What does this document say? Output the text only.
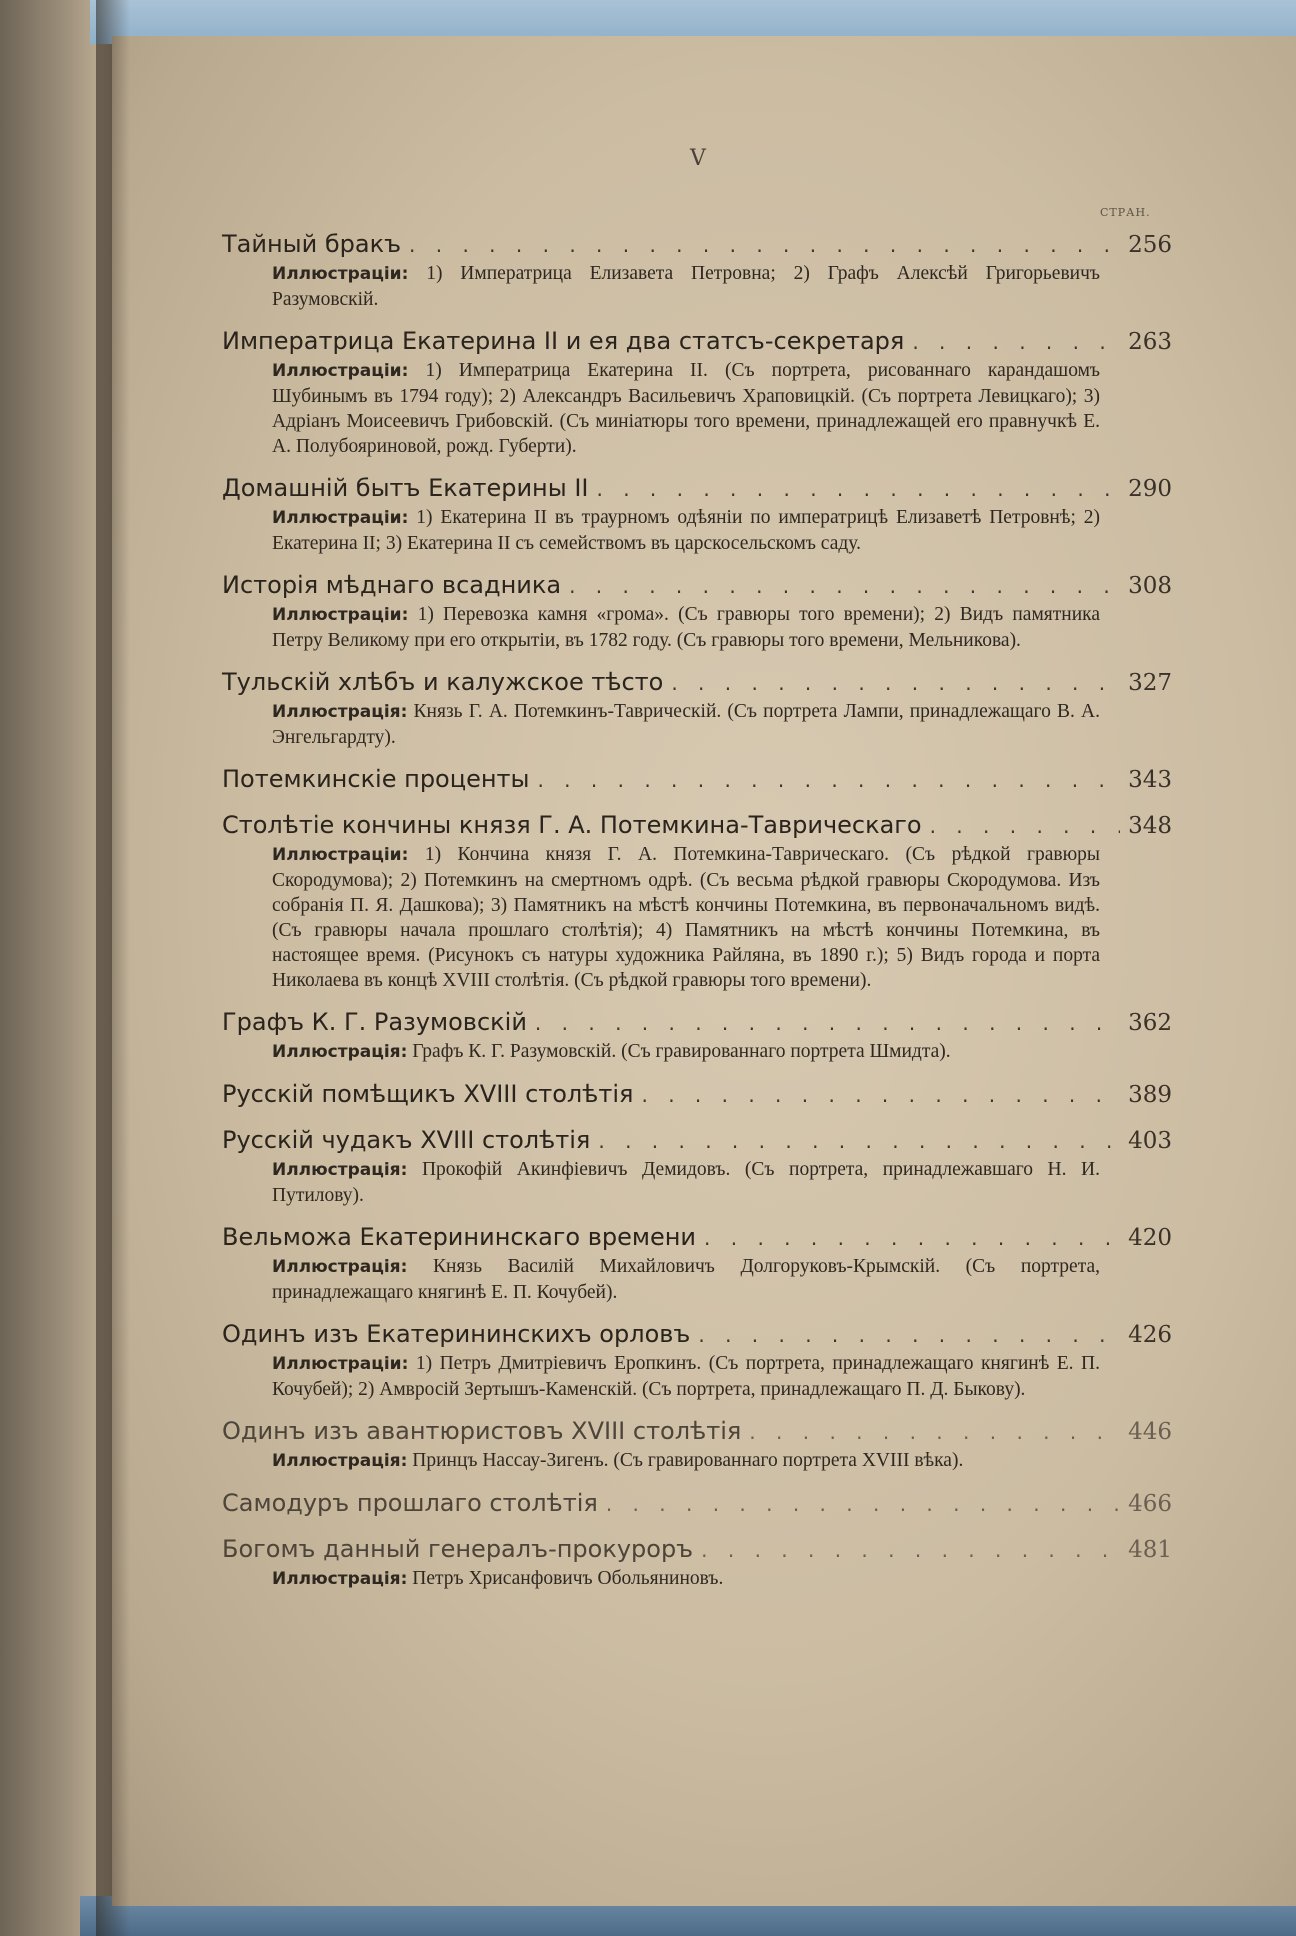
V
СТРАН.
Тайный бракъ . . .	256
Иллюстраціи: 1) Императрица Елизавета Петровна; 2) Графъ Алексѣй Григорьевичъ Разумовскій.
Императрица Екатерина II и ея два статсъ-секретаря . . .	263
Иллюстраціи: 1) Императрица Екатерина II. (Съ портрета, рисованнаго карандашомъ Шубинымъ въ 1794 году); 2) Александръ Васильевичъ Храповицкій. (Съ портрета Левицкаго); 3) Адріанъ Моисеевичъ Грибовскій. (Съ миніатюры того времени, принадлежащей его правнучкѣ Е. А. Полубояриновой, рожд. Губерти).
Домашній бытъ Екатерины II . . .	290
Иллюстраціи: 1) Екатерина II въ траурномъ одѣяніи по императрицѣ Елизаветѣ Петровнѣ; 2) Екатерина II; 3) Екатерина II съ семействомъ въ царскосельскомъ саду.
Исторія мѣднаго всадника . . .	308
Иллюстраціи: 1) Перевозка камня «грома». (Съ гравюры того времени); 2) Видъ памятника Петру Великому при его открытіи, въ 1782 году. (Съ гравюры того времени, Мельникова).
Тульскій хлѣбъ и калужское тѣсто . . .	327
Иллюстрація: Князь Г. А. Потемкинъ-Таврическій. (Съ портрета Лампи, принадлежащаго В. А. Энгельгардту).
Потемкинскіе проценты . . .	343
Столѣтіе кончины князя Г. А. Потемкина-Таврическаго . . .	348
Иллюстраціи: 1) Кончина князя Г. А. Потемкина-Таврическаго. (Съ рѣдкой гравюры Скородумова); 2) Потемкинъ на смертномъ одрѣ. (Съ весьма рѣдкой гравюры Скородумова. Изъ собранія П. Я. Дашкова); 3) Памятникъ на мѣстѣ кончины Потемкина, въ первоначальномъ видѣ. (Съ гравюры начала прошлаго столѣтія); 4) Памятникъ на мѣстѣ кончины Потемкина, въ настоящее время. (Рисунокъ съ натуры художника Райляна, въ 1890 г.); 5) Видъ города и порта Николаева въ концѣ XVIII столѣтія. (Съ рѣдкой гравюры того времени).
Графъ К. Г. Разумовскій . . .	362
Иллюстрація: Графъ К. Г. Разумовскій. (Съ гравированнаго портрета Шмидта).
Русскій помѣщикъ XVIII столѣтія . . .	389
Русскій чудакъ XVIII столѣтія . . .	403
Иллюстрація: Прокофій Акинфіевичъ Демидовъ. (Съ портрета, принадлежавшаго Н. И. Путилову).
Вельможа Екатерининскаго времени . . .	420
Иллюстрація: Князь Василій Михайловичъ Долгоруковъ-Крымскій. (Съ портрета, принадлежащаго княгинѣ Е. П. Кочубей).
Одинъ изъ Екатерининскихъ орловъ . . .	426
Иллюстраціи: 1) Петръ Дмитріевичъ Еропкинъ. (Съ портрета, принадлежащаго княгинѣ Е. П. Кочубей); 2) Амвросій Зертышъ-Каменскій. (Съ портрета, принадлежащаго П. Д. Быкову).
Одинъ изъ авантюристовъ XVIII столѣтія . . .	446
Иллюстрація: Принцъ Нассау-Зигенъ. (Съ гравированнаго портрета XVIII вѣка).
Самодуръ прошлаго столѣтія . . .	466
Богомъ данный генералъ-прокуроръ . . .	481
Иллюстрація: Петръ Хрисанфовичъ Обольяниновъ.
